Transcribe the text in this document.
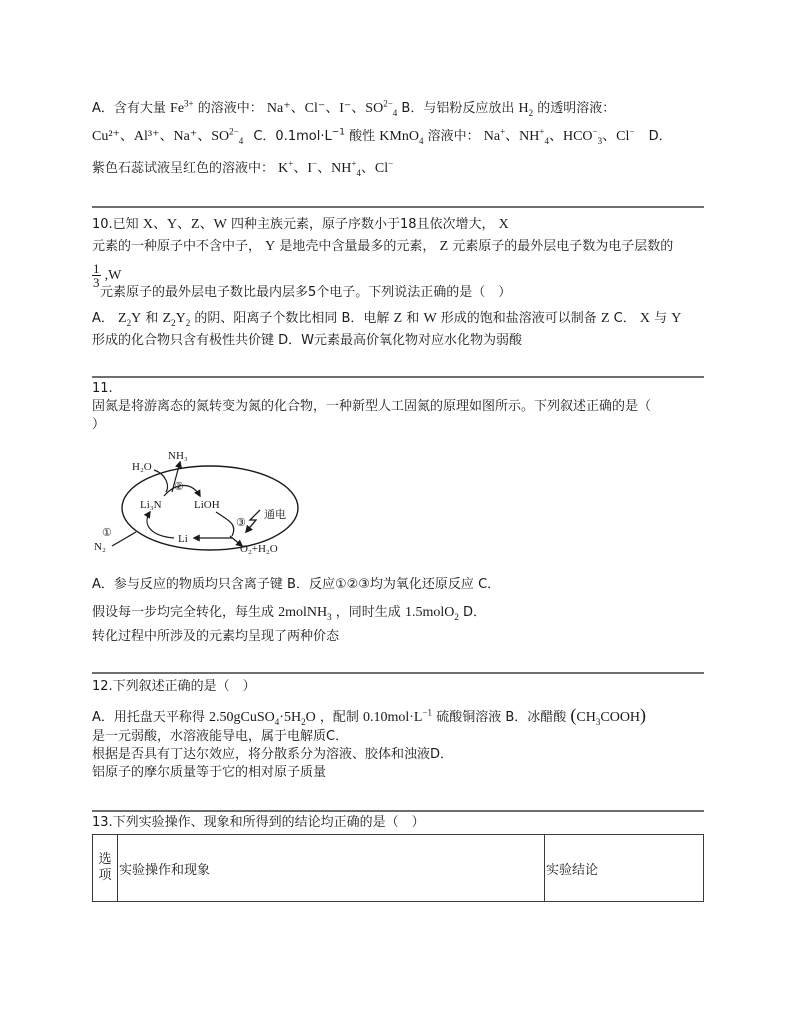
A．含有大量 $Fe^{3+}$ 的溶液中： Na⁺、Cl⁻、I⁻、$SO^{2-}_4$ B．与铝粉反应放出 $H_2$ 的透明溶液：
Cu²⁺、Al³⁺、Na⁺、$SO^{2-}_4$ C．$0.1mol\cdot L^{-1}$ 酸性 KMnO$_4$ 溶液中： Na+、$NH^+_4$、$HCO^-_3$、Cl− D．
紫色石蕊试液呈红色的溶液中： K+、I−、$NH^+_4$、Cl−
10.已知 X、Y、Z、W 四种主族元素，原子序数小于18且依次增大， X
元素的一种原子中不含中子， Y 是地壳中含量最多的元素， Z 元素原子的最外层电子数为电子层数的
$\frac{1}{3} ,W$
元素原子的最外层电子数比最内层多5个电子。下列说法正确的是（　）
A． $Z_2Y$ 和 $Z_2Y_2$ 的阴、阳离子个数比相同 B．电解 Z 和 W 形成的饱和盐溶液可以制备 Z C． X 与 Y
形成的化合物只含有极性共价键 D．W元素最高价氧化物对应水化物为弱酸
11.
固氮是将游离态的氮转变为氮的化合物，一种新型人工固氮的原理如图所示。下列叙述正确的是（
）
H₂O
NH₃
Li₃N	LiOH
Li
N₂	O₂+H₂O
②
①
③
通电
A．参与反应的物质均只含离子键 B．反应①②③均为氧化还原反应 C．
假设每一步均完全转化，每生成 2molNH$_3$ ，同时生成 1.5molO$_2$ D．
转化过程中所涉及的元素均呈现了两种价态
12.下列叙述正确的是（　）
A．用托盘天平称得 $2.50gCuSO_4\cdot 5H_2O$ ，配制 $0.10mol\cdot L^{-1}$ 硫酸铜溶液 B．冰醋酸 $(CH_3COOH)$
是一元弱酸，水溶液能导电，属于电解质C．
根据是否具有丁达尔效应，将分散系分为溶液、胶体和浊液D．
铝原子的摩尔质量等于它的相对原子质量
13.下列实验操作、现象和所得到的结论均正确的是（　）
选
项	实验操作和现象	实验结论
